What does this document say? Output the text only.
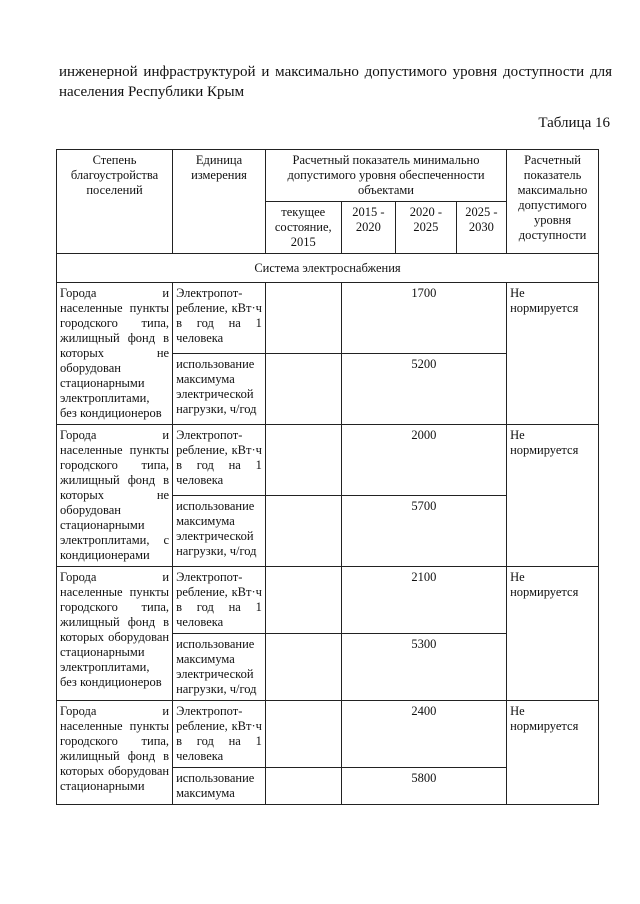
инженерной инфраструктурой и максимально допустимого уровня доступности для населения Республики Крым
Таблица 16
Степень благоустройства поселений	Единица измерения	Расчетный показатель минимально допустимого уровня обеспеченности объектами				Расчетный показатель максимально допустимого уровня доступности
		текущее состояние, 2015	2015 - 2020	2020 - 2025	2025 - 2030	
Система электроснабжения						
Города и населенные пункты городского типа, жилищный фонд в которых не оборудован стационарными электроплитами, без кондиционеров	Электропот-ребление, кВт·ч в год на 1 человека		1700			Не нормируется
	использование максимума электрической нагрузки, ч/год		5200			
Города и населенные пункты городского типа, жилищный фонд в которых не оборудован стационарными электроплитами, с кондиционерами	Электропот-ребление, кВт·ч в год на 1 человека		2000			Не нормируется
	использование максимума электрической нагрузки, ч/год		5700			
Города и населенные пункты городского типа, жилищный фонд в которых оборудован стационарными электроплитами, без кондиционеров	Электропот-ребление, кВт·ч в год на 1 человека		2100			Не нормируется
	использование максимума электрической нагрузки, ч/год		5300			
Города и населенные пункты городского типа, жилищный фонд в которых оборудован стационарными	Электропот-ребление, кВт·ч в год на 1 человека		2400			Не нормируется
	использование максимума		5800			
